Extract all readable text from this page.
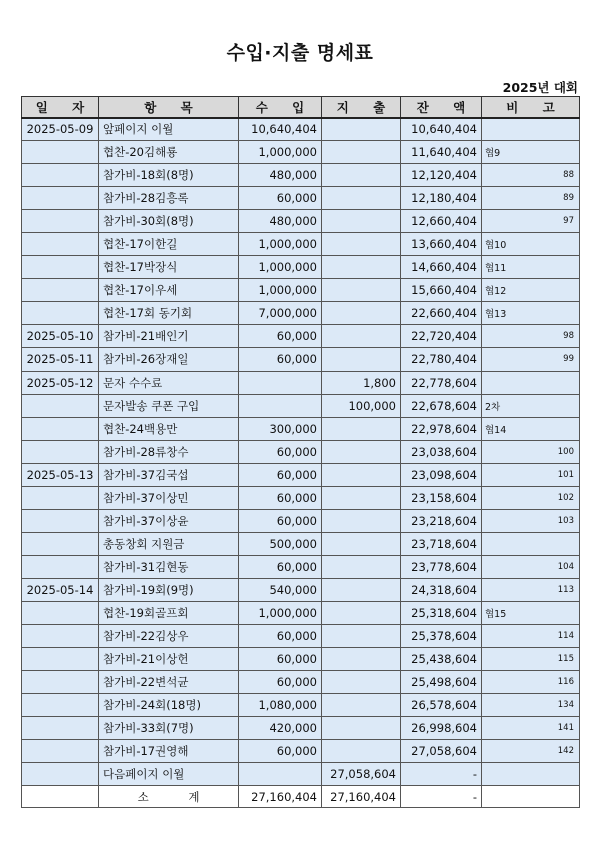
수입·지출 명세표
2025년 대회
일 자	항 목	수 입	지 출	잔 액	비 고
2025-05-09	앞페이지 이월	10,640,404		10,640,404	

	협찬-20김해룡	1,000,000		11,640,404	협9

	참가비-18회(8명)	480,000		12,120,404	88

	참가비-28김흥록	60,000		12,180,404	89

	참가비-30회(8명)	480,000		12,660,404	97

	협찬-17이한길	1,000,000		13,660,404	협10

	협찬-17박장식	1,000,000		14,660,404	협11

	협찬-17이우세	1,000,000		15,660,404	협12

	협찬-17회 동기회	7,000,000		22,660,404	협13

2025-05-10	참가비-21배인기	60,000		22,720,404	98

2025-05-11	참가비-26장재일	60,000		22,780,404	99

2025-05-12	문자 수수료		1,800	22,778,604	

	문자발송 쿠폰 구입		100,000	22,678,604	2차

	협찬-24백용만	300,000		22,978,604	협14

	참가비-28류창수	60,000		23,038,604	100

2025-05-13	참가비-37김국섭	60,000		23,098,604	101

	참가비-37이상민	60,000		23,158,604	102

	참가비-37이상윤	60,000		23,218,604	103

	총동창회 지원금	500,000		23,718,604	

	참가비-31김현동	60,000		23,778,604	104

2025-05-14	참가비-19회(9명)	540,000		24,318,604	113

	협찬-19회골프회	1,000,000		25,318,604	협15

	참가비-22김상우	60,000		25,378,604	114

	참가비-21이상헌	60,000		25,438,604	115

	참가비-22변석균	60,000		25,498,604	116

	참가비-24회(18명)	1,080,000		26,578,604	134

	참가비-33회(7명)	420,000		26,998,604	141

	참가비-17권영해	60,000		27,058,604	142

	다음페이지 이월		27,058,604	-	
	소 계	27,160,404	27,160,404	-	
